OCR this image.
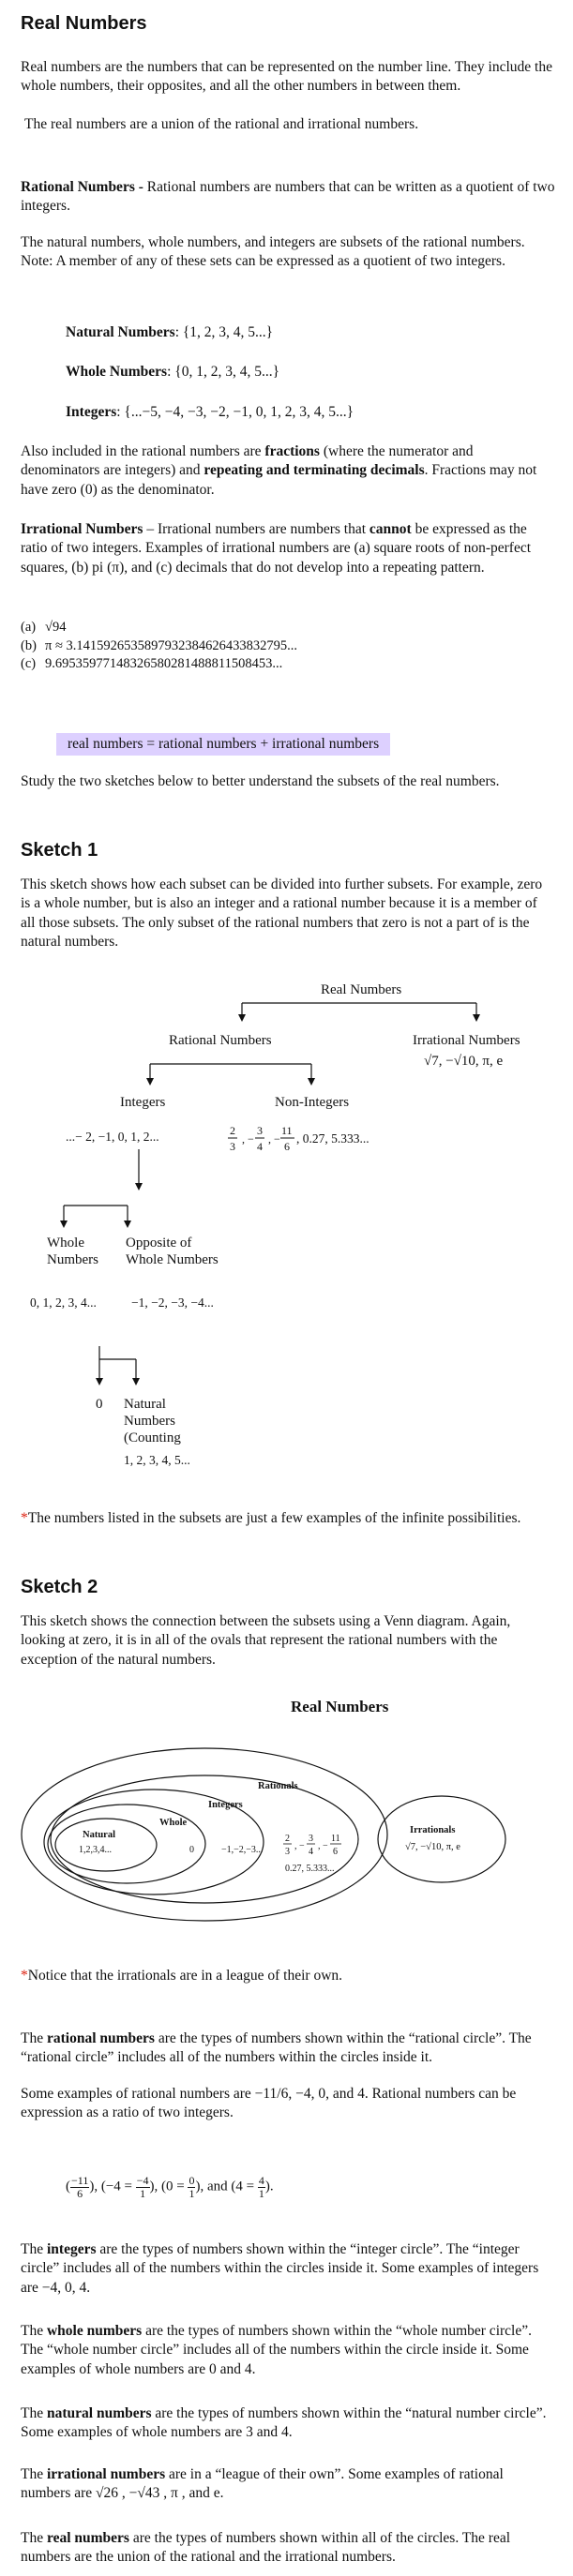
Real Numbers

Real numbers are the numbers that can be represented on the number line. They include the whole numbers, their opposites, and all the other numbers in between them.

The real numbers are a union of the rational and irrational numbers.

Rational Numbers - Rational numbers are numbers that can be written as a quotient of two integers.

The natural numbers, whole numbers, and integers are subsets of the rational numbers. Note: A member of any of these sets can be expressed as a quotient of two integers.

Natural Numbers: {1, 2, 3, 4, 5...}

Whole Numbers: {0, 1, 2, 3, 4, 5...}

Integers: {...−5, −4, −3, −2, −1, 0, 1, 2, 3, 4, 5...}

Also included in the rational numbers are fractions (where the numerator and denominators are integers) and repeating and terminating decimals. Fractions may not have zero (0) as the denominator.

Irrational Numbers – Irrational numbers are numbers that cannot be expressed as the ratio of two integers. Examples of irrational numbers are (a) square roots of non-perfect squares, (b) pi (π), and (c) decimals that do not develop into a repeating pattern.

(a) √94
(b) π ≈ 3.14159265358979323846264338327​95...
(c) 9.69535977148326580281488811508453...
real numbers = rational numbers + irrational numbers

Study the two sketches below to better understand the subsets of the real numbers.

Sketch 1

This sketch shows how each subset can be divided into further subsets. For example, zero is a whole number, but is also an integer and a rational number because it is a member of all those subsets. The only subset of the rational numbers that zero is not a part of is the natural numbers.

Real Numbers
Rational Numbers	Irrational Numbers
√7, −√10, π, e
Integers	Non-Integers
...− 2, −1, 0, 1, 2...	2
3
, −
3
4
, −
11
6
, 0.27, 5.333...
Whole
Numbers
Opposite of
Whole Numbers
0, 1, 2, 3, 4...	−1, −2, −3, −4...
0 Natural
Numbers
(Counting
1, 2, 3, 4, 5...

*The numbers listed in the subsets are just a few examples of the infinite possibilities.

Sketch 2

This sketch shows the connection between the subsets using a Venn diagram. Again, looking at zero, it is in all of the ovals that represent the rational numbers with the exception of the natural numbers.

Real Numbers
Rationals
Integers
Whole
Natural	Irrationals
1,2,3,4...	0	−1,−2,−3...
2
3
, −
3
4
, −
11
6
0.27, 5.333...
√7, −√10, π, e

*Notice that the irrationals are in a league of their own.

The rational numbers are the types of numbers shown within the “rational circle”. The “rational circle” includes all of the numbers within the circles inside it.

Some examples of rational numbers are −11/6, −4, 0, and 4. Rational numbers can be expression as a ratio of two integers.

( $\frac{-11}{6}$ ), ($-4 = \frac{-4}{1}$ ), ($0 = \frac{0}{1}$ ), and ($4 = \frac{4}{1}$ ).

The integers are the types of numbers shown within the “integer circle”. The “integer circle” includes all of the numbers within the circles inside it. Some examples of integers are −4, 0, 4.

The whole numbers are the types of numbers shown within the “whole number circle”. The “whole number circle” includes all of the numbers within the circle inside it. Some examples of whole numbers are 0 and 4.

The natural numbers are the types of numbers shown within the “natural number circle”. Some examples of whole numbers are 3 and 4.

The irrational numbers are in a “league of their own”. Some examples of rational numbers are √26 , −√43 , π , and e.

The real numbers are the types of numbers shown within all of the circles. The real numbers are the union of the rational and the irrational numbers.
